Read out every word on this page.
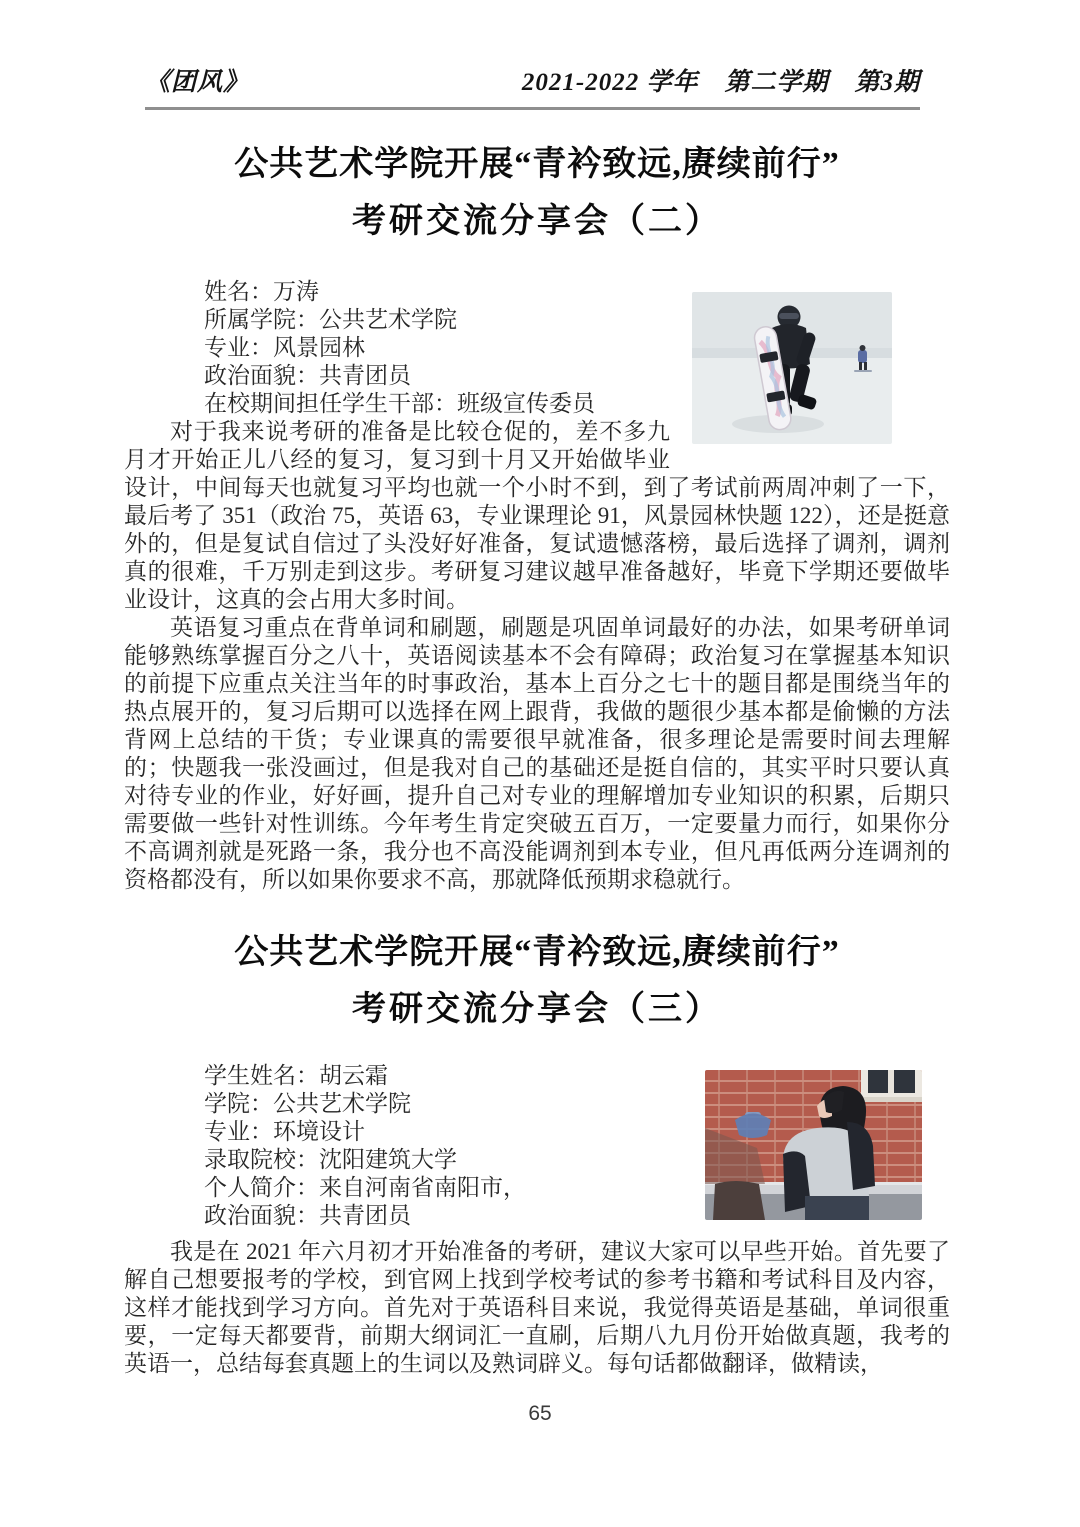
《团风》	2021-2022 学年　第二学期　第3期
公共艺术学院开展“青衿致远,赓续前行”
考研交流分享会（二）
姓名：万涛
所属学院：公共艺术学院
专业：风景园林
政治面貌：共青团员
在校期间担任学生干部：班级宣传委员

对于我来说考研的准备是比较仓促的，差不多九月才开始正儿八经的复习，复习到十月又开始做毕业设计，中间每天也就复习平均也就一个小时不到，到了考试前两周冲刺了一下，最后考了 351（政治 75，英语 63，专业课理论 91，风景园林快题 122），还是挺意外的，但是复试自信过了头没好好准备，复试遗憾落榜，最后选择了调剂，调剂真的很难，千万别走到这步。考研复习建议越早准备越好，毕竟下学期还要做毕业设计，这真的会占用大多时间。

英语复习重点在背单词和刷题，刷题是巩固单词最好的办法，如果考研单词能够熟练掌握百分之八十，英语阅读基本不会有障碍；政治复习在掌握基本知识的前提下应重点关注当年的时事政治，基本上百分之七十的题目都是围绕当年的热点展开的，复习后期可以选择在网上跟背，我做的题很少基本都是偷懒的方法背网上总结的干货；专业课真的需要很早就准备，很多理论是需要时间去理解的；快题我一张没画过，但是我对自己的基础还是挺自信的，其实平时只要认真对待专业的作业，好好画，提升自己对专业的理解增加专业知识的积累，后期只需要做一些针对性训练。今年考生肯定突破五百万，一定要量力而行，如果你分不高调剂就是死路一条，我分也不高没能调剂到本专业，但凡再低两分连调剂的资格都没有，所以如果你要求不高，那就降低预期求稳就行。

公共艺术学院开展“青衿致远,赓续前行”
考研交流分享会（三）
学生姓名：胡云霜
学院：公共艺术学院
专业：环境设计
录取院校：沈阳建筑大学
个人简介：来自河南省南阳市，
政治面貌：共青团员

我是在 2021 年六月初才开始准备的考研，建议大家可以早些开始。首先要了解自己想要报考的学校，到官网上找到学校考试的参考书籍和考试科目及内容，这样才能找到学习方向。首先对于英语科目来说，我觉得英语是基础，单词很重要，一定每天都要背，前期大纲词汇一直刷，后期八九月份开始做真题，我考的英语一，总结每套真题上的生词以及熟词辟义。每句话都做翻译，做精读，

65
